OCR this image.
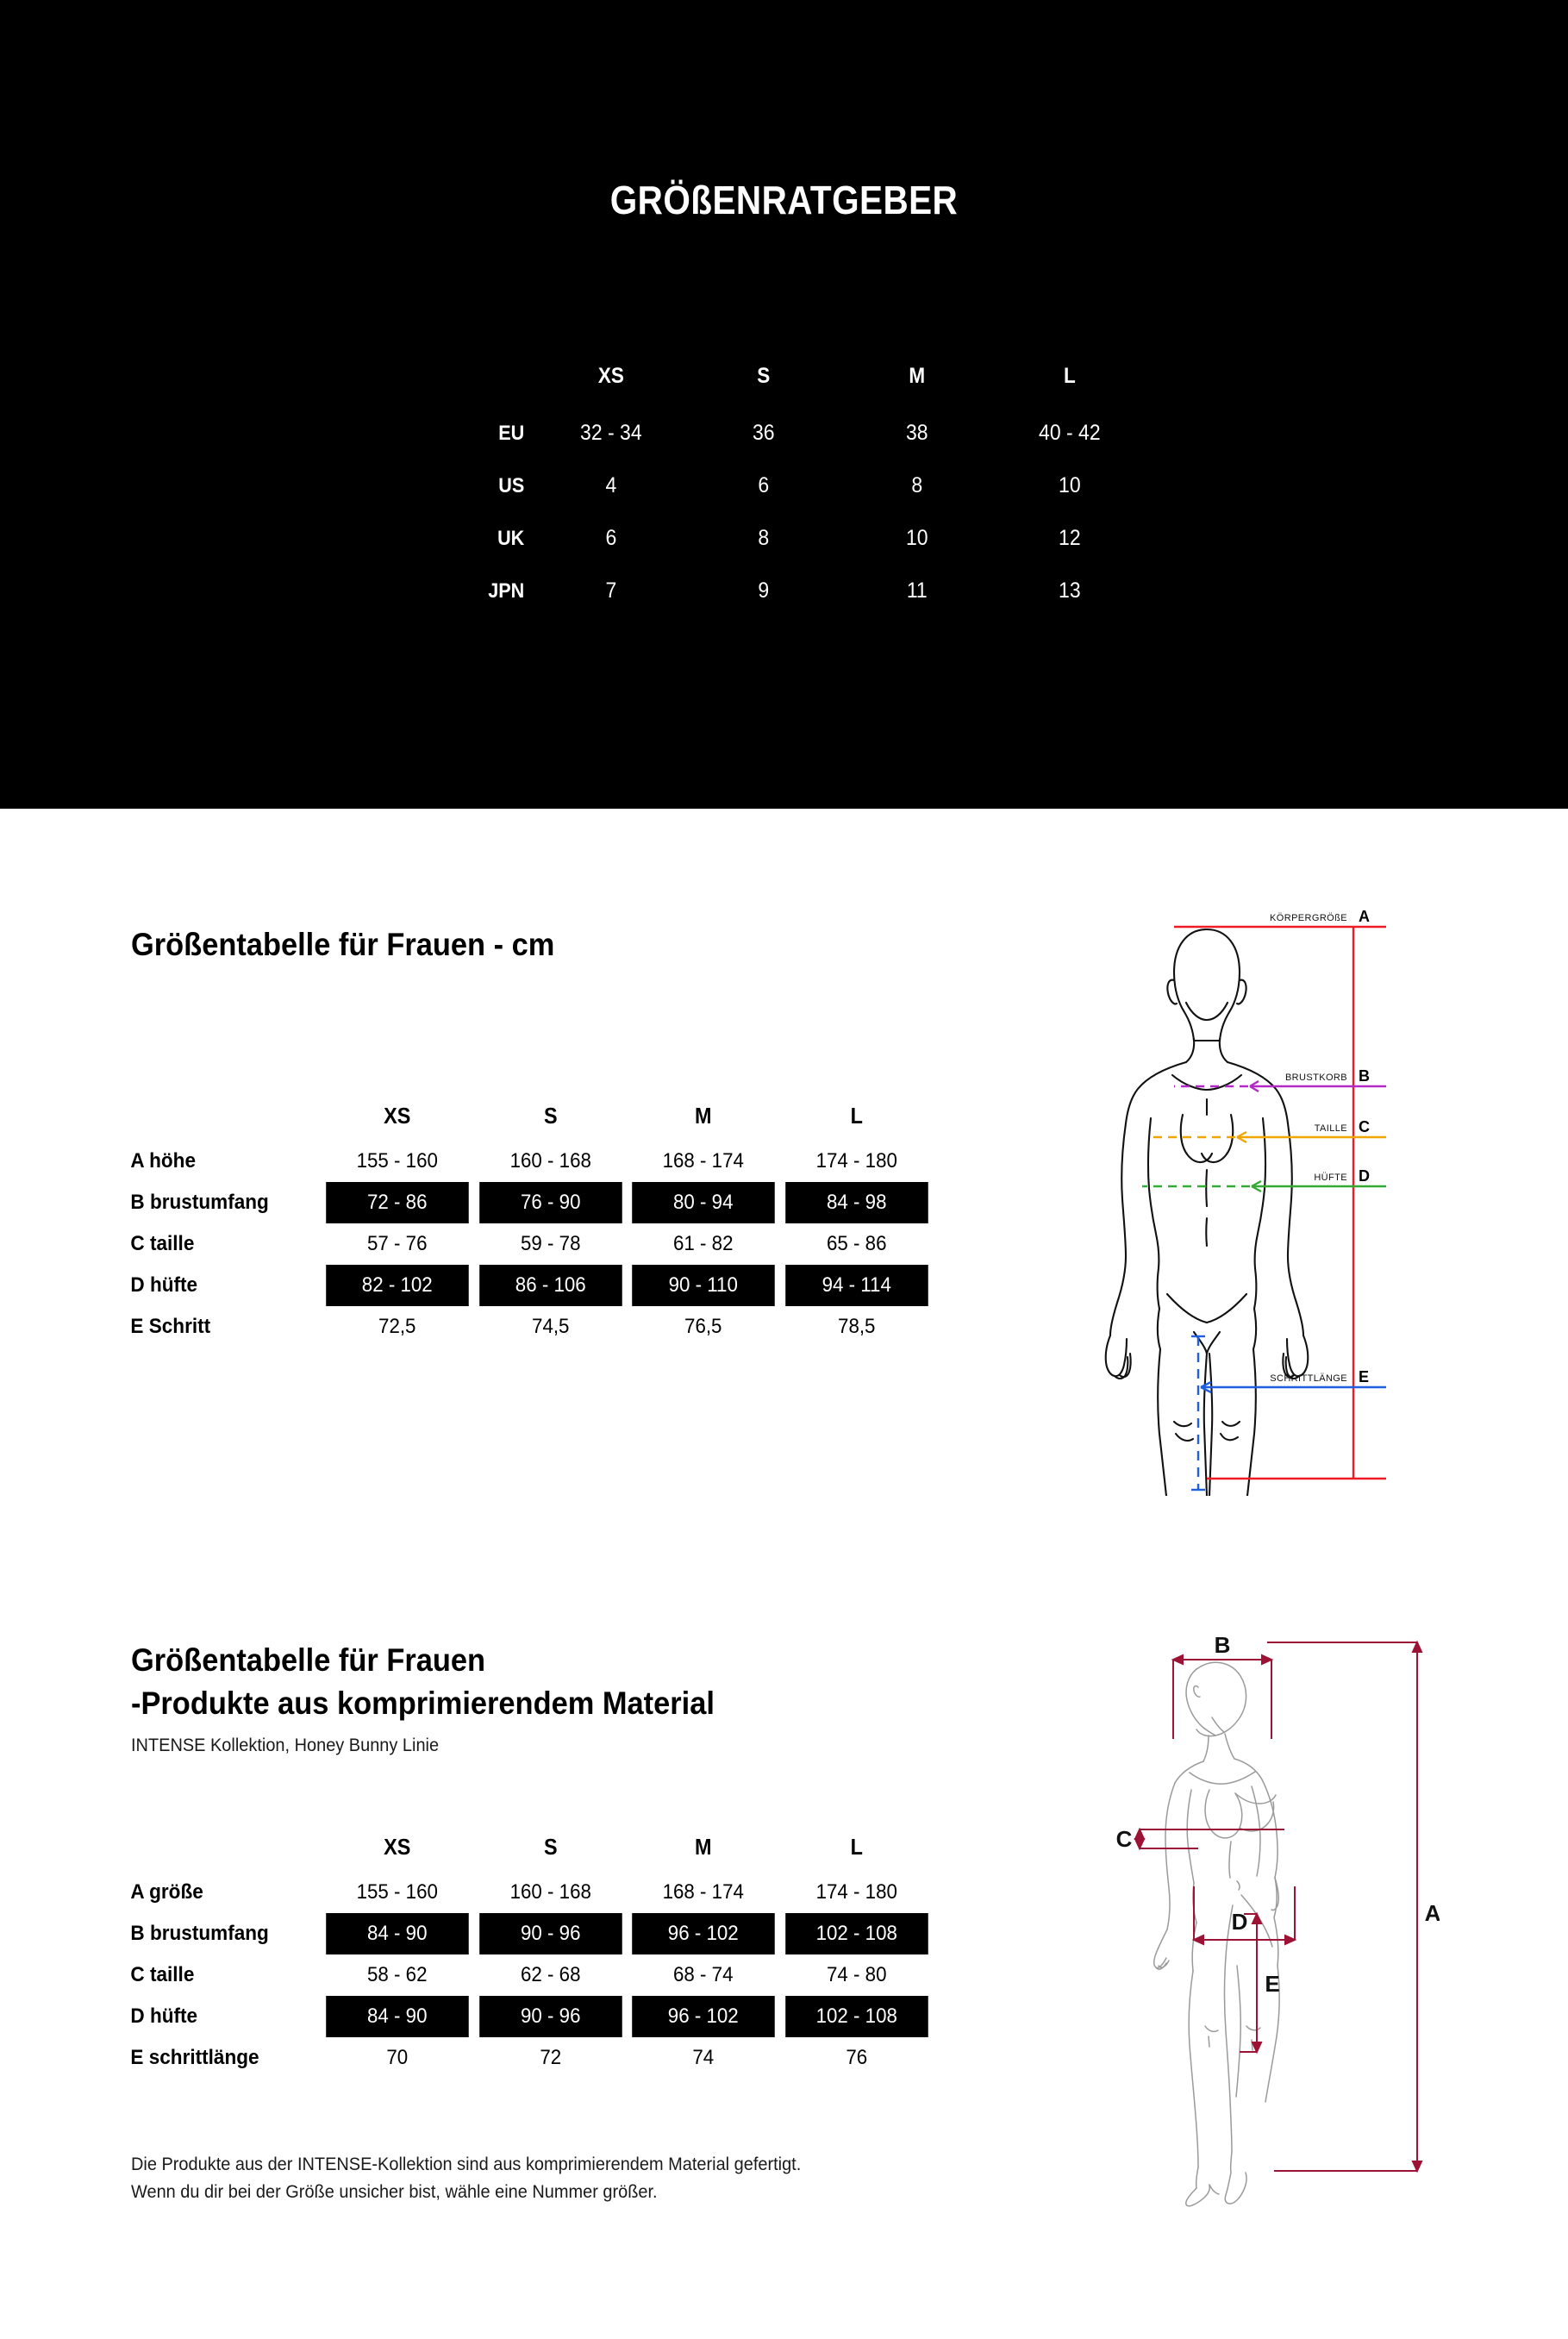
GRÖßENRATGEBER
	XS	S	M	L
EU	32 - 34	36	38	40 - 42
US	4	6	8	10
UK	6	8	10	12
JPN	7	9	11	13
Größentabelle für Frauen - cm
	XS	S	M	L
A höhe	155 - 160	160 - 168	168 - 174	174 - 180
B brustumfang	72 - 86	76 - 90	80 - 94	84 - 98
C taille	57 - 76	59 - 78	61 - 82	65 - 86
D hüfte	82 - 102	86 - 106	90 - 110	94 - 114
E Schritt	72,5	74,5	76,5	78,5
KÖRPERGRÖßE A
BRUSTKORB B
TAILLE C
HÜFTE D
SCHRITTLÄNGE E
Größentabelle für Frauen
-Produkte aus komprimierendem Material
INTENSE Kollektion, Honey Bunny Linie
	XS	S	M	L
A größe	155 - 160	160 - 168	168 - 174	174 - 180
B brustumfang	84 - 90	90 - 96	96 - 102	102 - 108
C taille	58 - 62	62 - 68	68 - 74	74 - 80
D hüfte	84 - 90	90 - 96	96 - 102	102 - 108
E schrittlänge	70	72	74	76
Die Produkte aus der INTENSE-Kollektion sind aus komprimierendem Material gefertigt.
Wenn du dir bei der Größe unsicher bist, wähle eine Nummer größer.
B
C
D
E
A
